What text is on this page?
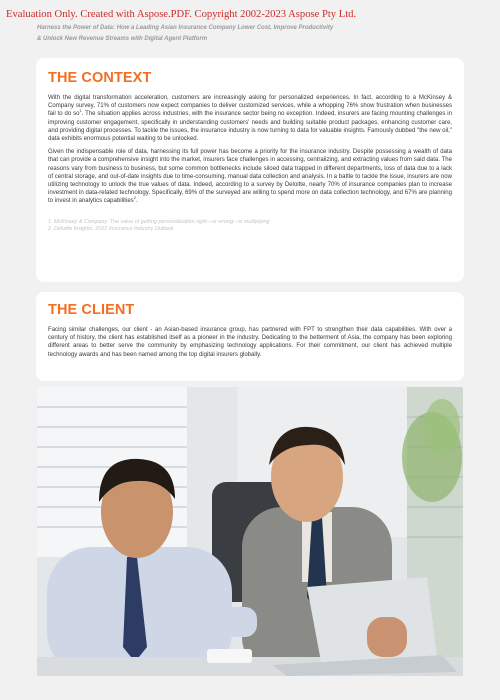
Evaluation Only. Created with Aspose.PDF. Copyright 2002-2023 Aspose Pty Ltd.
Harness the Power of Data: How a Leading Asian Insurance Company Lower Cost, Improve Productivity
& Unlock New Revenue Streams with Digital Agent Platform
THE CONTEXT

With the digital transformation acceleration, customers are increasingly asking for personalized experiences. In fact, according to a McKinsey & Company survey, 71% of customers now expect companies to deliver customized services, while a whopping 76% show frustration when businesses fail to do $so^1$. The situation applies across industries, with the insurance sector being no exception. Indeed, insurers are facing mounting challenges in improving customer engagement, specifically in understanding customers' needs and building suitable product packages, enhancing customer care, and providing digital processes. To tackle the issues, the insurance industry is now turning to data for valuable insights. Famously dubbed "the new oil," data exhibits enormous potential waiting to be unlocked.

Given the indispensable role of data, harnessing its full power has become a priority for the insurance industry. Despite possessing a wealth of data that can provide a comprehensive insight into the market, insurers face challenges in accessing, centralizing, and extracting values from said data. The reasons vary from business to business, but some common bottlenecks include siloed data trapped in different departments, loss of data due to a lack of central storage, and out-of-date insights due to time-consuming, manual data collection and analysis. In a battle to tackle the issue, insurers are now utilizing technology to unlock the true values of data. Indeed, according to a survey by Deloitte, nearly 70% of insurance companies plan to increase investment in data-related technology. Specifically, 69% of the surveyed are willing to spend more on data collection technology, and 67% are planning to invest in analytics capabilities$^2$.

1. McKinsey & Company. The value of getting personalization right—or wrong—is multiplying
2. Deloitte Insights. 2022 Insurance Industry Outlook.
THE CLIENT

Facing similar challenges, our client - an Asian-based insurance group, has partnered with FPT to strengthen their data capabilities. With over a century of history, the client has established itself as a pioneer in the industry. Dedicating to the betterment of Asia, the company has been exploring different areas to better serve the community by emphasizing technology applications. For their commitment, our client has achieved multiple technology awards and has been named among the top digital insurers globally.
